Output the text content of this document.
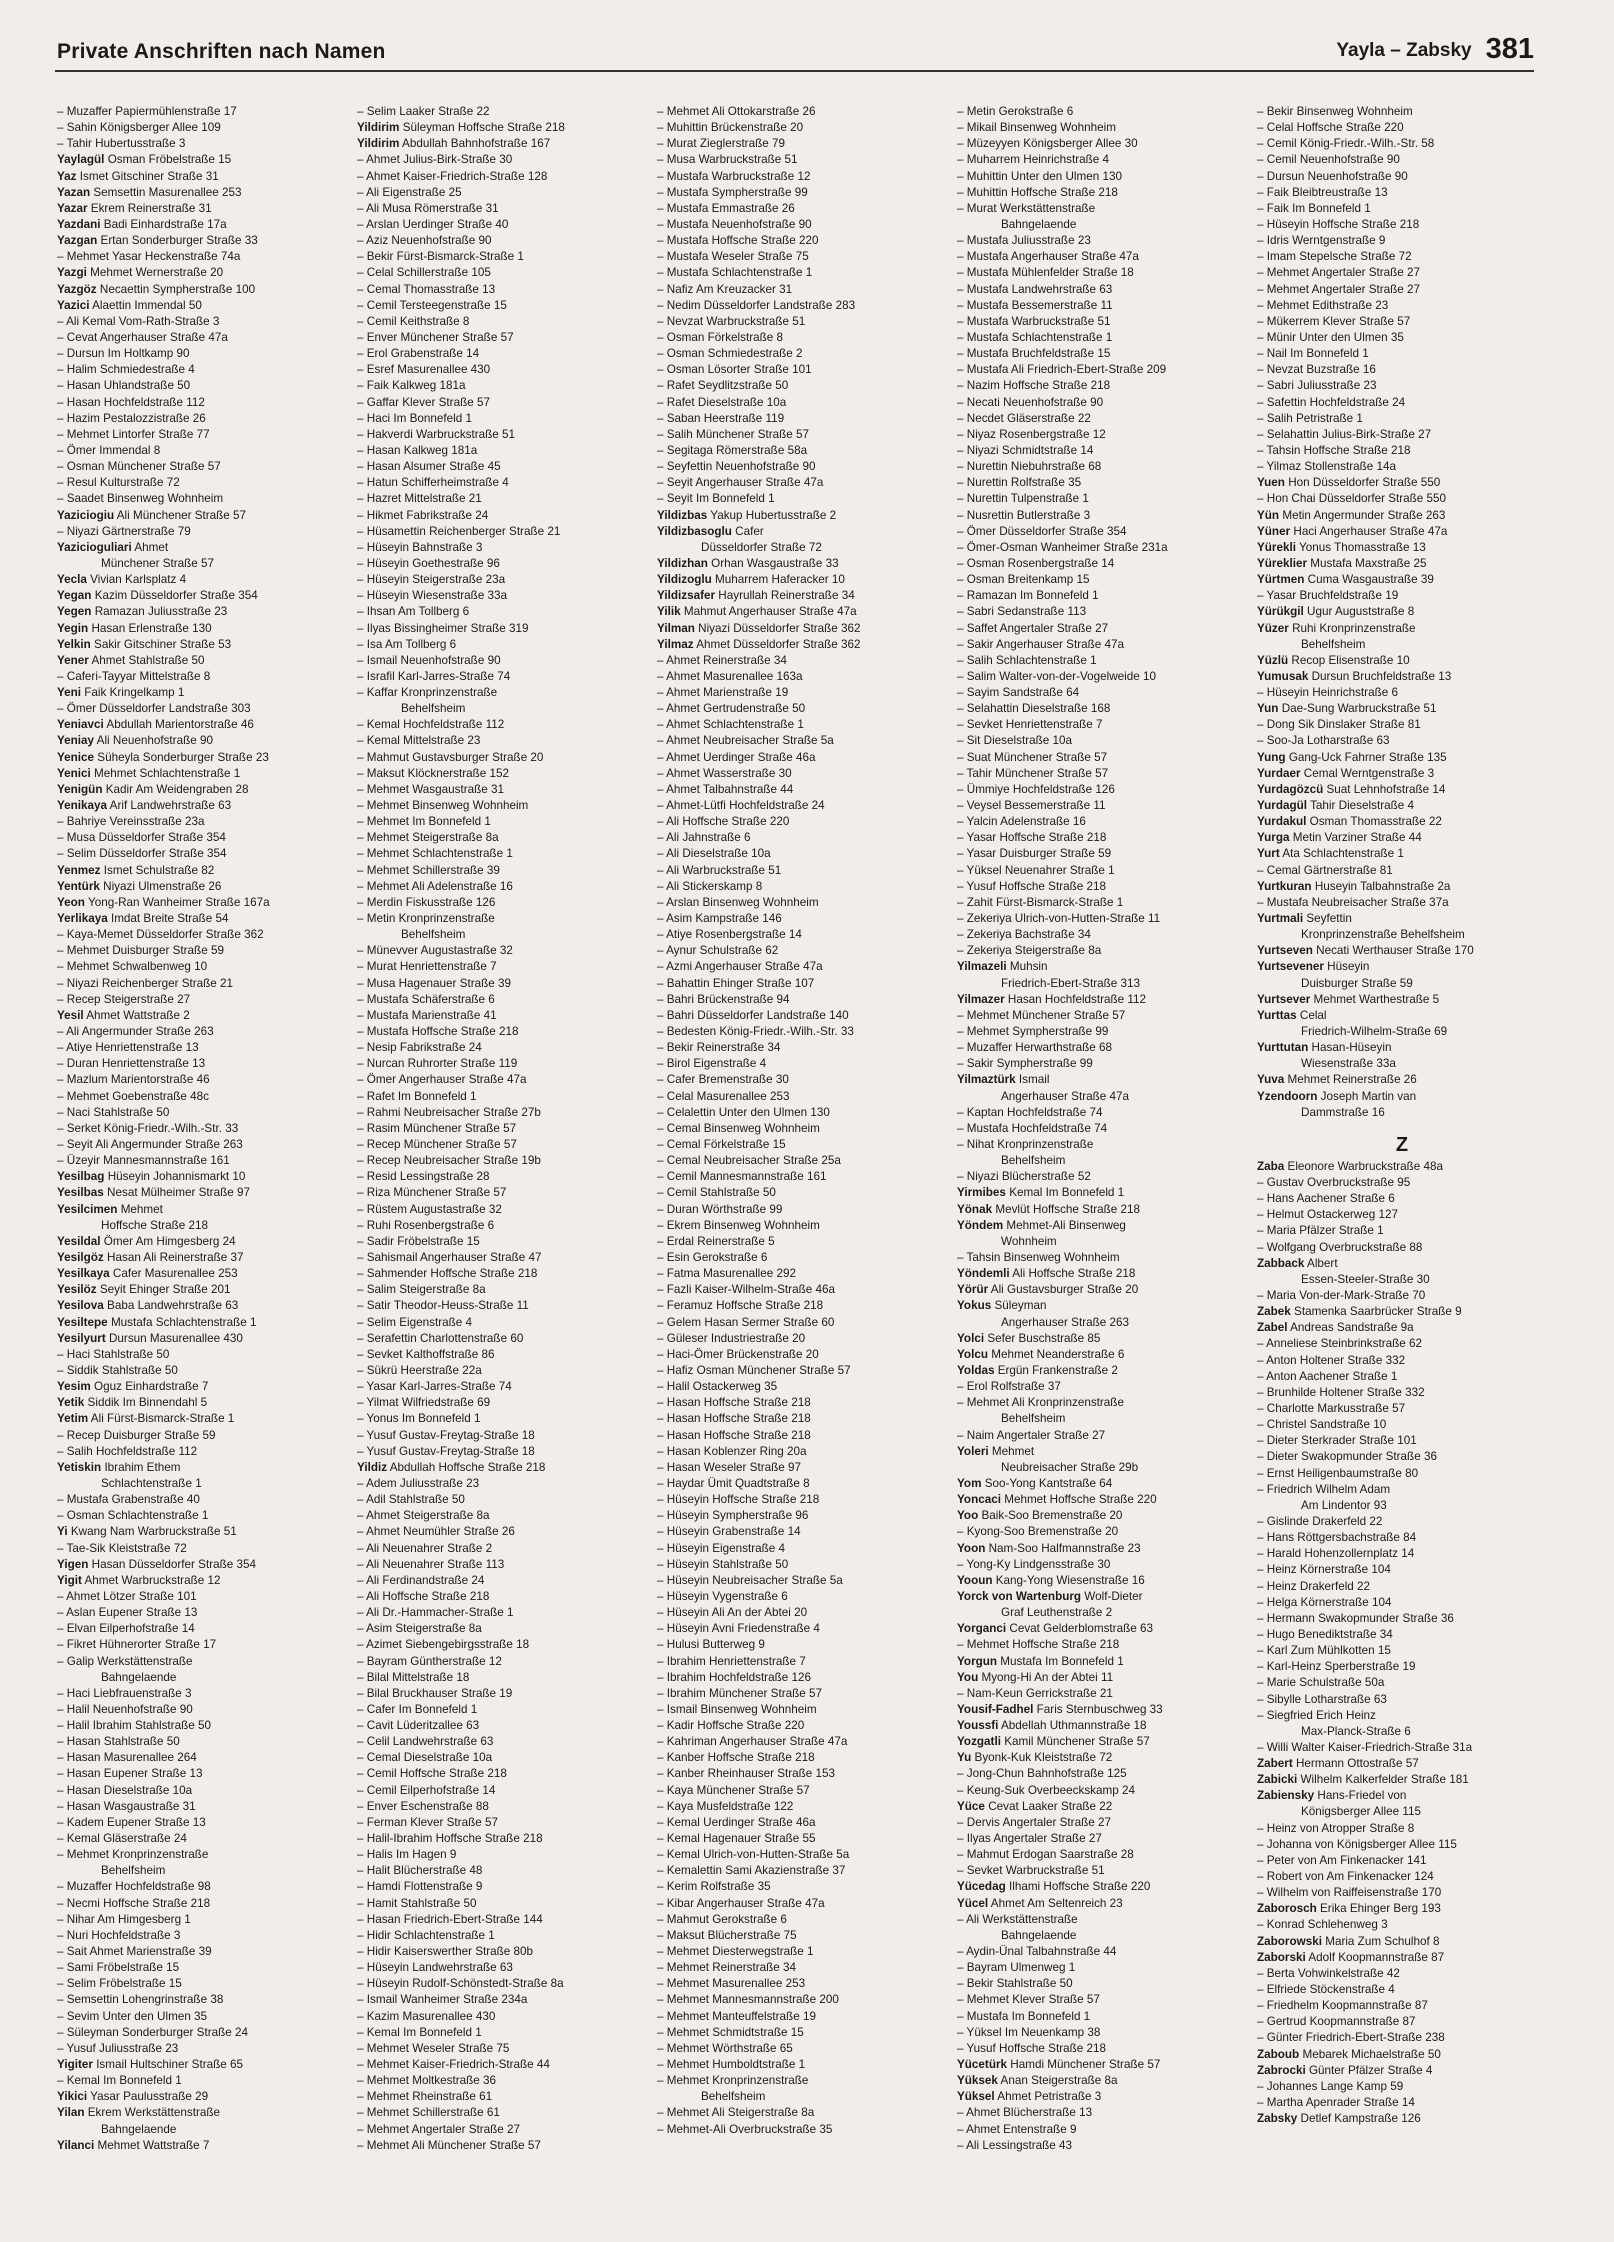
Private Anschriften nach Namen	Yayla – Zabsky 381
– Muzaffer Papiermühlenstraße 17
– Sahin Königsberger Allee 109
– Tahir Hubertusstraße 3
Yaylagül Osman Fröbelstraße 15
Yaz Ismet Gitschiner Straße 31
Yazan Semsettin Masurenallee 253
Yazar Ekrem Reinerstraße 31
Yazdani Badi Einhardstraße 17a
Yazgan Ertan Sonderburger Straße 33
– Mehmet Yasar Heckenstraße 74a
Yazgi Mehmet Wernerstraße 20
Yazgöz Necaettin Sympherstraße 100
Yazici Alaettin Immendal 50
– Ali Kemal Vom-Rath-Straße 3
– Cevat Angerhauser Straße 47a
– Dursun Im Holtkamp 90
– Halim Schmiedestraße 4
– Hasan Uhlandstraße 50
– Hasan Hochfeldstraße 112
– Hazim Pestalozzistraße 26
– Mehmet Lintorfer Straße 77
– Ömer Immendal 8
– Osman Münchener Straße 57
– Resul Kulturstraße 72
– Saadet Binsenweg Wohnheim
Yaziciogiu Ali Münchener Straße 57
– Niyazi Gärtnerstraße 79
Yazicioguliari Ahmet
Münchener Straße 57
Yecla Vivian Karlsplatz 4
Yegan Kazim Düsseldorfer Straße 354
Yegen Ramazan Juliusstraße 23
Yegin Hasan Erlenstraße 130
Yelkin Sakir Gitschiner Straße 53
Yener Ahmet Stahlstraße 50
– Caferi-Tayyar Mittelstraße 8
Yeni Faik Kringelkamp 1
– Ömer Düsseldorfer Landstraße 303
Yeniavci Abdullah Marientorstraße 46
Yeniay Ali Neuenhofstraße 90
Yenice Süheyla Sonderburger Straße 23
Yenici Mehmet Schlachtenstraße 1
Yenigün Kadir Am Weidengraben 28
Yenikaya Arif Landwehrstraße 63
– Bahriye Vereinsstraße 23a
– Musa Düsseldorfer Straße 354
– Selim Düsseldorfer Straße 354
Yenmez Ismet Schulstraße 82
Yentürk Niyazi Ulmenstraße 26
Yeon Yong-Ran Wanheimer Straße 167a
Yerlikaya Imdat Breite Straße 54
– Kaya-Memet Düsseldorfer Straße 362
– Mehmet Duisburger Straße 59
– Mehmet Schwalbenweg 10
– Niyazi Reichenberger Straße 21
– Recep Steigerstraße 27
Yesil Ahmet Wattstraße 2
– Ali Angermunder Straße 263
– Atiye Henriettenstraße 13
– Duran Henriettenstraße 13
– Mazlum Marientorstraße 46
– Mehmet Goebenstraße 48c
– Naci Stahlstraße 50
– Serket König-Friedr.-Wilh.-Str. 33
– Seyit Ali Angermunder Straße 263
– Üzeyir Mannesmannstraße 161
Yesilbag Hüseyin Johannismarkt 10
Yesilbas Nesat Mülheimer Straße 97
Yesilcimen Mehmet
Hoffsche Straße 218
Yesildal Ömer Am Himgesberg 24
Yesilgöz Hasan Ali Reinerstraße 37
Yesilkaya Cafer Masurenallee 253
Yesilöz Seyit Ehinger Straße 201
Yesilova Baba Landwehrstraße 63
Yesiltepe Mustafa Schlachtenstraße 1
Yesilyurt Dursun Masurenallee 430
– Haci Stahlstraße 50
– Siddik Stahlstraße 50
Yesim Oguz Einhardstraße 7
Yetik Siddik Im Binnendahl 5
Yetim Ali Fürst-Bismarck-Straße 1
– Recep Duisburger Straße 59
– Salih Hochfeldstraße 112
Yetiskin Ibrahim Ethem
Schlachtenstraße 1
– Mustafa Grabenstraße 40
– Osman Schlachtenstraße 1
Yi Kwang Nam Warbruckstraße 51
– Tae-Sik Kleiststraße 72
Yigen Hasan Düsseldorfer Straße 354
Yigit Ahmet Warbruckstraße 12
– Ahmet Lötzer Straße 101
– Aslan Eupener Straße 13
– Elvan Eilperhofstraße 14
– Fikret Hühnerorter Straße 17
– Galip Werkstättenstraße
Bahngelaende
– Haci Liebfrauenstraße 3
– Halil Neuenhofstraße 90
– Halil Ibrahim Stahlstraße 50
– Hasan Stahlstraße 50
– Hasan Masurenallee 264
– Hasan Eupener Straße 13
– Hasan Dieselstraße 10a
– Hasan Wasgaustraße 31
– Kadem Eupener Straße 13
– Kemal Gläserstraße 24
– Mehmet Kronprinzenstraße
Behelfsheim
– Muzaffer Hochfeldstraße 98
– Necmi Hoffsche Straße 218
– Nihar Am Himgesberg 1
– Nuri Hochfeldstraße 3
– Sait Ahmet Marienstraße 39
– Sami Fröbelstraße 15
– Selim Fröbelstraße 15
– Semsettin Lohengrinstraße 38
– Sevim Unter den Ulmen 35
– Süleyman Sonderburger Straße 24
– Yusuf Juliusstraße 23
Yigiter Ismail Hultschiner Straße 65
– Kemal Im Bonnefeld 1
Yikici Yasar Paulusstraße 29
Yilan Ekrem Werkstättenstraße
Bahngelaende
Yilanci Mehmet Wattstraße 7
– Selim Laaker Straße 22
Yildirim Süleyman Hoffsche Straße 218
Yildirim Abdullah Bahnhofstraße 167
– Ahmet Julius-Birk-Straße 30
– Ahmet Kaiser-Friedrich-Straße 128
– Ali Eigenstraße 25
– Ali Musa Römerstraße 31
– Arslan Uerdinger Straße 40
– Aziz Neuenhofstraße 90
– Bekir Fürst-Bismarck-Straße 1
– Celal Schillerstraße 105
– Cemal Thomasstraße 13
– Cemil Tersteegenstraße 15
– Cemil Keithstraße 8
– Enver Münchener Straße 57
– Erol Grabenstraße 14
– Esref Masurenallee 430
– Faik Kalkweg 181a
– Gaffar Klever Straße 57
– Haci Im Bonnefeld 1
– Hakverdi Warbruckstraße 51
– Hasan Kalkweg 181a
– Hasan Alsumer Straße 45
– Hatun Schifferheimstraße 4
– Hazret Mittelstraße 21
– Hikmet Fabrikstraße 24
– Hüsamettin Reichenberger Straße 21
– Hüseyin Bahnstraße 3
– Hüseyin Goethestraße 96
– Hüseyin Steigerstraße 23a
– Hüseyin Wiesenstraße 33a
– Ihsan Am Tollberg 6
– Ilyas Bissingheimer Straße 319
– Isa Am Tollberg 6
– Ismail Neuenhofstraße 90
– Israfil Karl-Jarres-Straße 74
– Kaffar Kronprinzenstraße
Behelfsheim
– Kemal Hochfeldstraße 112
– Kemal Mittelstraße 23
– Mahmut Gustavsburger Straße 20
– Maksut Klöcknerstraße 152
– Mehmet Wasgaustraße 31
– Mehmet Binsenweg Wohnheim
– Mehmet Im Bonnefeld 1
– Mehmet Steigerstraße 8a
– Mehmet Schlachtenstraße 1
– Mehmet Schillerstraße 39
– Mehmet Ali Adelenstraße 16
– Merdin Fiskusstraße 126
– Metin Kronprinzenstraße
Behelfsheim
– Münevver Augustastraße 32
– Murat Henriettenstraße 7
– Musa Hagenauer Straße 39
– Mustafa Schäferstraße 6
– Mustafa Marienstraße 41
– Mustafa Hoffsche Straße 218
– Nesip Fabrikstraße 24
– Nurcan Ruhrorter Straße 119
– Ömer Angerhauser Straße 47a
– Rafet Im Bonnefeld 1
– Rahmi Neubreisacher Straße 27b
– Rasim Münchener Straße 57
– Recep Münchener Straße 57
– Recep Neubreisacher Straße 19b
– Resid Lessingstraße 28
– Riza Münchener Straße 57
– Rüstem Augustastraße 32
– Ruhi Rosenbergstraße 6
– Sadir Fröbelstraße 15
– Sahismail Angerhauser Straße 47
– Sahmender Hoffsche Straße 218
– Salim Steigerstraße 8a
– Satir Theodor-Heuss-Straße 11
– Selim Eigenstraße 4
– Serafettin Charlottenstraße 60
– Sevket Kalthoffstraße 86
– Sükrü Heerstraße 22a
– Yasar Karl-Jarres-Straße 74
– Yilmat Wilfriedstraße 69
– Yonus Im Bonnefeld 1
– Yusuf Gustav-Freytag-Straße 18
– Yusuf Gustav-Freytag-Straße 18
Yildiz Abdullah Hoffsche Straße 218
– Adem Juliusstraße 23
– Adil Stahlstraße 50
– Ahmet Steigerstraße 8a
– Ahmet Neumühler Straße 26
– Ali Neuenahrer Straße 2
– Ali Neuenahrer Straße 113
– Ali Ferdinandstraße 24
– Ali Hoffsche Straße 218
– Ali Dr.-Hammacher-Straße 1
– Asim Steigerstraße 8a
– Azimet Siebengebirgsstraße 18
– Bayram Güntherstraße 12
– Bilal Mittelstraße 18
– Bilal Bruckhauser Straße 19
– Cafer Im Bonnefeld 1
– Cavit Lüderitzallee 63
– Celil Landwehrstraße 63
– Cemal Dieselstraße 10a
– Cemil Hoffsche Straße 218
– Cemil Eilperhofstraße 14
– Enver Eschenstraße 88
– Ferman Klever Straße 57
– Halil-Ibrahim Hoffsche Straße 218
– Halis Im Hagen 9
– Halit Blücherstraße 48
– Hamdi Flottenstraße 9
– Hamit Stahlstraße 50
– Hasan Friedrich-Ebert-Straße 144
– Hidir Schlachtenstraße 1
– Hidir Kaiserswerther Straße 80b
– Hüseyin Landwehrstraße 63
– Hüseyin Rudolf-Schönstedt-Straße 8a
– Ismail Wanheimer Straße 234a
– Kazim Masurenallee 430
– Kemal Im Bonnefeld 1
– Mehmet Weseler Straße 75
– Mehmet Kaiser-Friedrich-Straße 44
– Mehmet Moltkestraße 36
– Mehmet Rheinstraße 61
– Mehmet Schillerstraße 61
– Mehmet Angertaler Straße 27
– Mehmet Ali Münchener Straße 57
– Mehmet Ali Ottokarstraße 26
– Muhittin Brückenstraße 20
– Murat Zieglerstraße 79
– Musa Warbruckstraße 51
– Mustafa Warbruckstraße 12
– Mustafa Sympherstraße 99
– Mustafa Emmastraße 26
– Mustafa Neuenhofstraße 90
– Mustafa Hoffsche Straße 220
– Mustafa Weseler Straße 75
– Mustafa Schlachtenstraße 1
– Nafiz Am Kreuzacker 31
– Nedim Düsseldorfer Landstraße 283
– Nevzat Warbruckstraße 51
– Osman Förkelstraße 8
– Osman Schmiedestraße 2
– Osman Lösorter Straße 101
– Rafet Seydlitzstraße 50
– Rafet Dieselstraße 10a
– Saban Heerstraße 119
– Salih Münchener Straße 57
– Segitaga Römerstraße 58a
– Seyfettin Neuenhofstraße 90
– Seyit Angerhauser Straße 47a
– Seyit Im Bonnefeld 1
Yildizbas Yakup Hubertusstraße 2
Yildizbasoglu Cafer
Düsseldorfer Straße 72
Yildizhan Orhan Wasgaustraße 33
Yildizoglu Muharrem Haferacker 10
Yildizsafer Hayrullah Reinerstraße 34
Yilik Mahmut Angerhauser Straße 47a
Yilman Niyazi Düsseldorfer Straße 362
Yilmaz Ahmet Düsseldorfer Straße 362
– Ahmet Reinerstraße 34
– Ahmet Masurenallee 163a
– Ahmet Marienstraße 19
– Ahmet Gertrudenstraße 50
– Ahmet Schlachtenstraße 1
– Ahmet Neubreisacher Straße 5a
– Ahmet Uerdinger Straße 46a
– Ahmet Wasserstraße 30
– Ahmet Talbahnstraße 44
– Ahmet-Lütfi Hochfeldstraße 24
– Ali Hoffsche Straße 220
– Ali Jahnstraße 6
– Ali Dieselstraße 10a
– Ali Warbruckstraße 51
– Ali Stickerskamp 8
– Arslan Binsenweg Wohnheim
– Asim Kampstraße 146
– Atiye Rosenbergstraße 14
– Aynur Schulstraße 62
– Azmi Angerhauser Straße 47a
– Bahattin Ehinger Straße 107
– Bahri Brückenstraße 94
– Bahri Düsseldorfer Landstraße 140
– Bedesten König-Friedr.-Wilh.-Str. 33
– Bekir Reinerstraße 34
– Birol Eigenstraße 4
– Cafer Bremenstraße 30
– Celal Masurenallee 253
– Celalettin Unter den Ulmen 130
– Cemal Binsenweg Wohnheim
– Cemal Förkelstraße 15
– Cemal Neubreisacher Straße 25a
– Cemil Mannesmannstraße 161
– Cemil Stahlstraße 50
– Duran Wörthstraße 99
– Ekrem Binsenweg Wohnheim
– Erdal Reinerstraße 5
– Esin Gerokstraße 6
– Fatma Masurenallee 292
– Fazli Kaiser-Wilhelm-Straße 46a
– Feramuz Hoffsche Straße 218
– Gelem Hasan Sermer Straße 60
– Güleser Industriestraße 20
– Haci-Ömer Brückenstraße 20
– Hafiz Osman Münchener Straße 57
– Halil Ostackerweg 35
– Hasan Hoffsche Straße 218
– Hasan Hoffsche Straße 218
– Hasan Hoffsche Straße 218
– Hasan Koblenzer Ring 20a
– Hasan Weseler Straße 97
– Haydar Ümit Quadtstraße 8
– Hüseyin Hoffsche Straße 218
– Hüseyin Sympherstraße 96
– Hüseyin Grabenstraße 14
– Hüseyin Eigenstraße 4
– Hüseyin Stahlstraße 50
– Hüseyin Neubreisacher Straße 5a
– Hüseyin Vygenstraße 6
– Hüseyin Ali An der Abtei 20
– Hüseyin Avni Friedenstraße 4
– Hulusi Butterweg 9
– Ibrahim Henriettenstraße 7
– Ibrahim Hochfeldstraße 126
– Ibrahim Münchener Straße 57
– Ismail Binsenweg Wohnheim
– Kadir Hoffsche Straße 220
– Kahriman Angerhauser Straße 47a
– Kanber Hoffsche Straße 218
– Kanber Rheinhauser Straße 153
– Kaya Münchener Straße 57
– Kaya Musfeldstraße 122
– Kemal Uerdinger Straße 46a
– Kemal Hagenauer Straße 55
– Kemal Ulrich-von-Hutten-Straße 5a
– Kemalettin Sami Akazienstraße 37
– Kerim Rolfstraße 35
– Kibar Angerhauser Straße 47a
– Mahmut Gerokstraße 6
– Maksut Blücherstraße 75
– Mehmet Diesterwegstraße 1
– Mehmet Reinerstraße 34
– Mehmet Masurenallee 253
– Mehmet Mannesmannstraße 200
– Mehmet Manteuffelstraße 19
– Mehmet Schmidtstraße 15
– Mehmet Wörthstraße 65
– Mehmet Humboldtstraße 1
– Mehmet Kronprinzenstraße
Behelfsheim
– Mehmet Ali Steigerstraße 8a
– Mehmet-Ali Overbruckstraße 35
– Metin Gerokstraße 6
– Mikail Binsenweg Wohnheim
– Müzeyyen Königsberger Allee 30
– Muharrem Heinrichstraße 4
– Muhittin Unter den Ulmen 130
– Muhittin Hoffsche Straße 218
– Murat Werkstättenstraße
Bahngelaende
– Mustafa Juliusstraße 23
– Mustafa Angerhauser Straße 47a
– Mustafa Mühlenfelder Straße 18
– Mustafa Landwehrstraße 63
– Mustafa Bessemerstraße 11
– Mustafa Warbruckstraße 51
– Mustafa Schlachtenstraße 1
– Mustafa Bruchfeldstraße 15
– Mustafa Ali Friedrich-Ebert-Straße 209
– Nazim Hoffsche Straße 218
– Necati Neuenhofstraße 90
– Necdet Gläserstraße 22
– Niyaz Rosenbergstraße 12
– Niyazi Schmidtstraße 14
– Nurettin Niebuhrstraße 68
– Nurettin Rolfstraße 35
– Nurettin Tulpenstraße 1
– Nusrettin Butlerstraße 3
– Ömer Düsseldorfer Straße 354
– Ömer-Osman Wanheimer Straße 231a
– Osman Rosenbergstraße 14
– Osman Breitenkamp 15
– Ramazan Im Bonnefeld 1
– Sabri Sedanstraße 113
– Saffet Angertaler Straße 27
– Sakir Angerhauser Straße 47a
– Salih Schlachtenstraße 1
– Salim Walter-von-der-Vogelweide 10
– Sayim Sandstraße 64
– Selahattin Dieselstraße 168
– Sevket Henriettenstraße 7
– Sit Dieselstraße 10a
– Suat Münchener Straße 57
– Tahir Münchener Straße 57
– Ümmiye Hochfeldstraße 126
– Veysel Bessemerstraße 11
– Yalcin Adelenstraße 16
– Yasar Hoffsche Straße 218
– Yasar Duisburger Straße 59
– Yüksel Neuenahrer Straße 1
– Yusuf Hoffsche Straße 218
– Zahit Fürst-Bismarck-Straße 1
– Zekeriya Ulrich-von-Hutten-Straße 11
– Zekeriya Bachstraße 34
– Zekeriya Steigerstraße 8a
Yilmazeli Muhsin
Friedrich-Ebert-Straße 313
Yilmazer Hasan Hochfeldstraße 112
– Mehmet Münchener Straße 57
– Mehmet Sympherstraße 99
– Muzaffer Herwarthstraße 68
– Sakir Sympherstraße 99
Yilmaztürk Ismail
Angerhauser Straße 47a
– Kaptan Hochfeldstraße 74
– Mustafa Hochfeldstraße 74
– Nihat Kronprinzenstraße
Behelfsheim
– Niyazi Blücherstraße 52
Yirmibes Kemal Im Bonnefeld 1
Yönak Mevlüt Hoffsche Straße 218
Yöndem Mehmet-Ali Binsenweg
Wohnheim
– Tahsin Binsenweg Wohnheim
Yöndemli Ali Hoffsche Straße 218
Yörür Ali Gustavsburger Straße 20
Yokus Süleyman
Angerhauser Straße 263
Yolci Sefer Buschstraße 85
Yolcu Mehmet Neanderstraße 6
Yoldas Ergün Frankenstraße 2
– Erol Rolfstraße 37
– Mehmet Ali Kronprinzenstraße
Behelfsheim
– Naim Angertaler Straße 27
Yoleri Mehmet
Neubreisacher Straße 29b
Yom Soo-Yong Kantstraße 64
Yoncaci Mehmet Hoffsche Straße 220
Yoo Baik-Soo Bremenstraße 20
– Kyong-Soo Bremenstraße 20
Yoon Nam-Soo Halfmannstraße 23
– Yong-Ky Lindgensstraße 30
Yooun Kang-Yong Wiesenstraße 16
Yorck von Wartenburg Wolf-Dieter
Graf Leuthenstraße 2
Yorganci Cevat Gelderblomstraße 63
– Mehmet Hoffsche Straße 218
Yorgun Mustafa Im Bonnefeld 1
You Myong-Hi An der Abtei 11
– Nam-Keun Gerrickstraße 21
Yousif-Fadhel Faris Sternbuschweg 33
Youssfi Abdellah Uthmannstraße 18
Yozgatli Kamil Münchener Straße 57
Yu Byonk-Kuk Kleiststraße 72
– Jong-Chun Bahnhofstraße 125
– Keung-Suk Overbeeckskamp 24
Yüce Cevat Laaker Straße 22
– Dervis Angertaler Straße 27
– Ilyas Angertaler Straße 27
– Mahmut Erdogan Saarstraße 28
– Sevket Warbruckstraße 51
Yücedag Ilhami Hoffsche Straße 220
Yücel Ahmet Am Seltenreich 23
– Ali Werkstättenstraße
Bahngelaende
– Aydin-Ünal Talbahnstraße 44
– Bayram Ulmenweg 1
– Bekir Stahlstraße 50
– Mehmet Klever Straße 57
– Mustafa Im Bonnefeld 1
– Yüksel Im Neuenkamp 38
– Yusuf Hoffsche Straße 218
Yücetürk Hamdi Münchener Straße 57
Yüksek Anan Steigerstraße 8a
Yüksel Ahmet Petristraße 3
– Ahmet Blücherstraße 13
– Ahmet Entenstraße 9
– Ali Lessingstraße 43
– Bekir Binsenweg Wohnheim
– Celal Hoffsche Straße 220
– Cemil König-Friedr.-Wilh.-Str. 58
– Cemil Neuenhofstraße 90
– Dursun Neuenhofstraße 90
– Faik Bleibtreustraße 13
– Faik Im Bonnefeld 1
– Hüseyin Hoffsche Straße 218
– Idris Werntgenstraße 9
– Imam Stepelsche Straße 72
– Mehmet Angertaler Straße 27
– Mehmet Angertaler Straße 27
– Mehmet Edithstraße 23
– Mükerrem Klever Straße 57
– Münir Unter den Ulmen 35
– Nail Im Bonnefeld 1
– Nevzat Buzstraße 16
– Sabri Juliusstraße 23
– Safettin Hochfeldstraße 24
– Salih Petristraße 1
– Selahattin Julius-Birk-Straße 27
– Tahsin Hoffsche Straße 218
– Yilmaz Stollenstraße 14a
Yuen Hon Düsseldorfer Straße 550
– Hon Chai Düsseldorfer Straße 550
Yün Metin Angermunder Straße 263
Yüner Haci Angerhauser Straße 47a
Yürekli Yonus Thomasstraße 13
Yüreklier Mustafa Maxstraße 25
Yürtmen Cuma Wasgaustraße 39
– Yasar Bruchfeldstraße 19
Yürükgil Ugur Auguststraße 8
Yüzer Ruhi Kronprinzenstraße
Behelfsheim
Yüzlü Recop Elisenstraße 10
Yumusak Dursun Bruchfeldstraße 13
– Hüseyin Heinrichstraße 6
Yun Dae-Sung Warbruckstraße 51
– Dong Sik Dinslaker Straße 81
– Soo-Ja Lotharstraße 63
Yung Gang-Uck Fahrner Straße 135
Yurdaer Cemal Werntgenstraße 3
Yurdagözcü Suat Lehnhofstraße 14
Yurdagül Tahir Dieselstraße 4
Yurdakul Osman Thomasstraße 22
Yurga Metin Varziner Straße 44
Yurt Ata Schlachtenstraße 1
– Cemal Gärtnerstraße 81
Yurtkuran Huseyin Talbahnstraße 2a
– Mustafa Neubreisacher Straße 37a
Yurtmali Seyfettin
Kronprinzenstraße Behelfsheim
Yurtseven Necati Werthauser Straße 170
Yurtsevener Hüseyin
Duisburger Straße 59
Yurtsever Mehmet Warthestraße 5
Yurttas Celal
Friedrich-Wilhelm-Straße 69
Yurttutan Hasan-Hüseyin
Wiesenstraße 33a
Yuva Mehmet Reinerstraße 26
Yzendoorn Joseph Martin van
Dammstraße 16
Z
Zaba Eleonore Warbruckstraße 48a
– Gustav Overbruckstraße 95
– Hans Aachener Straße 6
– Helmut Ostackerweg 127
– Maria Pfälzer Straße 1
– Wolfgang Overbruckstraße 88
Zabback Albert
Essen-Steeler-Straße 30
– Maria Von-der-Mark-Straße 70
Zabek Stamenka Saarbrücker Straße 9
Zabel Andreas Sandstraße 9a
– Anneliese Steinbrinkstraße 62
– Anton Holtener Straße 332
– Anton Aachener Straße 1
– Brunhilde Holtener Straße 332
– Charlotte Markusstraße 57
– Christel Sandstraße 10
– Dieter Sterkrader Straße 101
– Dieter Swakopmunder Straße 36
– Ernst Heiligenbaumstraße 80
– Friedrich Wilhelm Adam
Am Lindentor 93
– Gislinde Drakerfeld 22
– Hans Röttgersbachstraße 84
– Harald Hohenzollernplatz 14
– Heinz Körnerstraße 104
– Heinz Drakerfeld 22
– Helga Körnerstraße 104
– Hermann Swakopmunder Straße 36
– Hugo Benediktstraße 34
– Karl Zum Mühlkotten 15
– Karl-Heinz Sperberstraße 19
– Marie Schulstraße 50a
– Sibylle Lotharstraße 63
– Siegfried Erich Heinz
Max-Planck-Straße 6
– Willi Walter Kaiser-Friedrich-Straße 31a
Zabert Hermann Ottostraße 57
Zabicki Wilhelm Kalkerfelder Straße 181
Zabiensky Hans-Friedel von
Königsberger Allee 115
– Heinz von Atropper Straße 8
– Johanna von Königsberger Allee 115
– Peter von Am Finkenacker 141
– Robert von Am Finkenacker 124
– Wilhelm von Raiffeisenstraße 170
Zaborosch Erika Ehinger Berg 193
– Konrad Schlehenweg 3
Zaborowski Maria Zum Schulhof 8
Zaborski Adolf Koopmannstraße 87
– Berta Vohwinkelstraße 42
– Elfriede Stöckenstraße 4
– Friedhelm Koopmannstraße 87
– Gertrud Koopmannstraße 87
– Günter Friedrich-Ebert-Straße 238
Zaboub Mebarek Michaelstraße 50
Zabrocki Günter Pfälzer Straße 4
– Johannes Lange Kamp 59
– Martha Apenrader Straße 14
Zabsky Detlef Kampstraße 126
